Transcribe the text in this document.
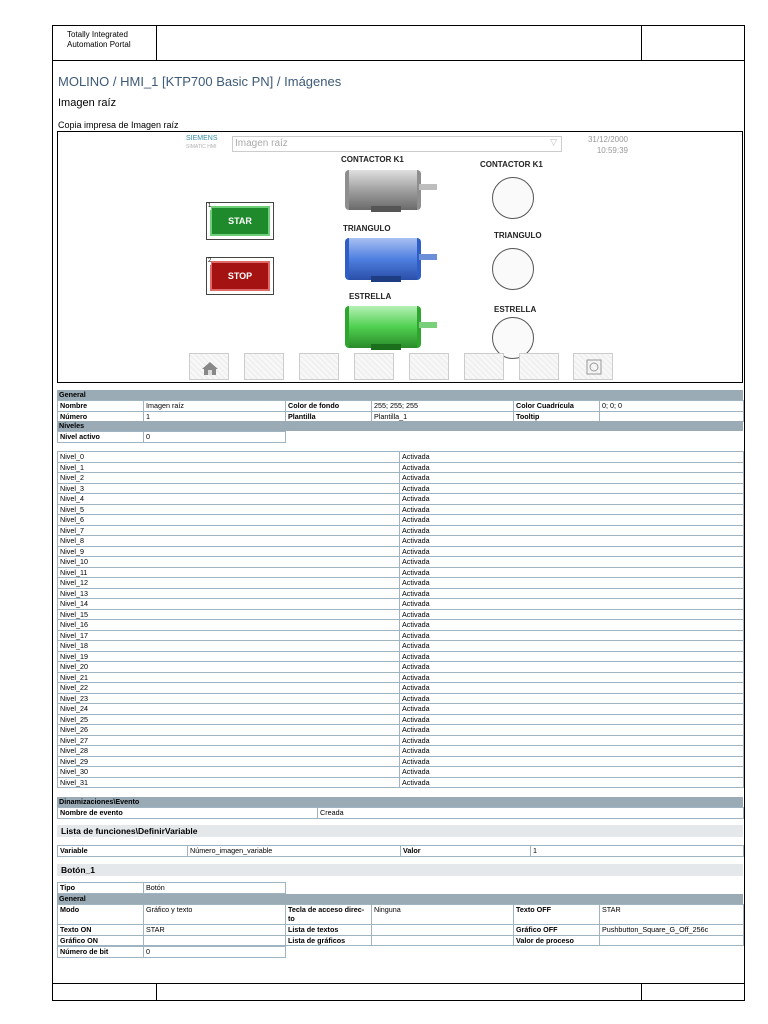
Totally Integrated
Automation Portal
MOLINO / HMI_1 [KTP700 Basic PN] / Imágenes
Imagen raíz
Copia impresa de Imagen raíz
SIEMENS
SIMATIC HMI	Imagen raíz	▽	31/12/2000
10:59:39
CONTACTOR K1
TRIANGULO
ESTRELLA
CONTACTOR K1
TRIANGULO
ESTRELLA
STAR
1
STOP
2
General
Nombre	Imagen raíz	Color de fondo	255; 255; 255	Color Cuadrícula	0; 0; 0
Número	1	Plantilla	Plantilla_1	Tooltip	
Niveles
Nivel activo	0
Nivel_0	Activada
Nivel_1	Activada
Nivel_2	Activada
Nivel_3	Activada
Nivel_4	Activada
Nivel_5	Activada
Nivel_6	Activada
Nivel_7	Activada
Nivel_8	Activada
Nivel_9	Activada
Nivel_10	Activada
Nivel_11	Activada
Nivel_12	Activada
Nivel_13	Activada
Nivel_14	Activada
Nivel_15	Activada
Nivel_16	Activada
Nivel_17	Activada
Nivel_18	Activada
Nivel_19	Activada
Nivel_20	Activada
Nivel_21	Activada
Nivel_22	Activada
Nivel_23	Activada
Nivel_24	Activada
Nivel_25	Activada
Nivel_26	Activada
Nivel_27	Activada
Nivel_28	Activada
Nivel_29	Activada
Nivel_30	Activada
Nivel_31	Activada
Dinamizaciones\Evento
Nombre de evento	Creada
Lista de funciones\DefinirVariable
Variable	Número_imagen_variable	Valor	1
Botón_1
Tipo	Botón
General
Modo	Gráfico y texto	Tecla de acceso direc-to	Ninguna	Texto OFF	STAR
Texto ON	STAR	Lista de textos		Gráfico OFF	Pushbutton_Square_G_Off_256c
Gráfico ON		Lista de gráficos		Valor de proceso	
Número de bit	0
